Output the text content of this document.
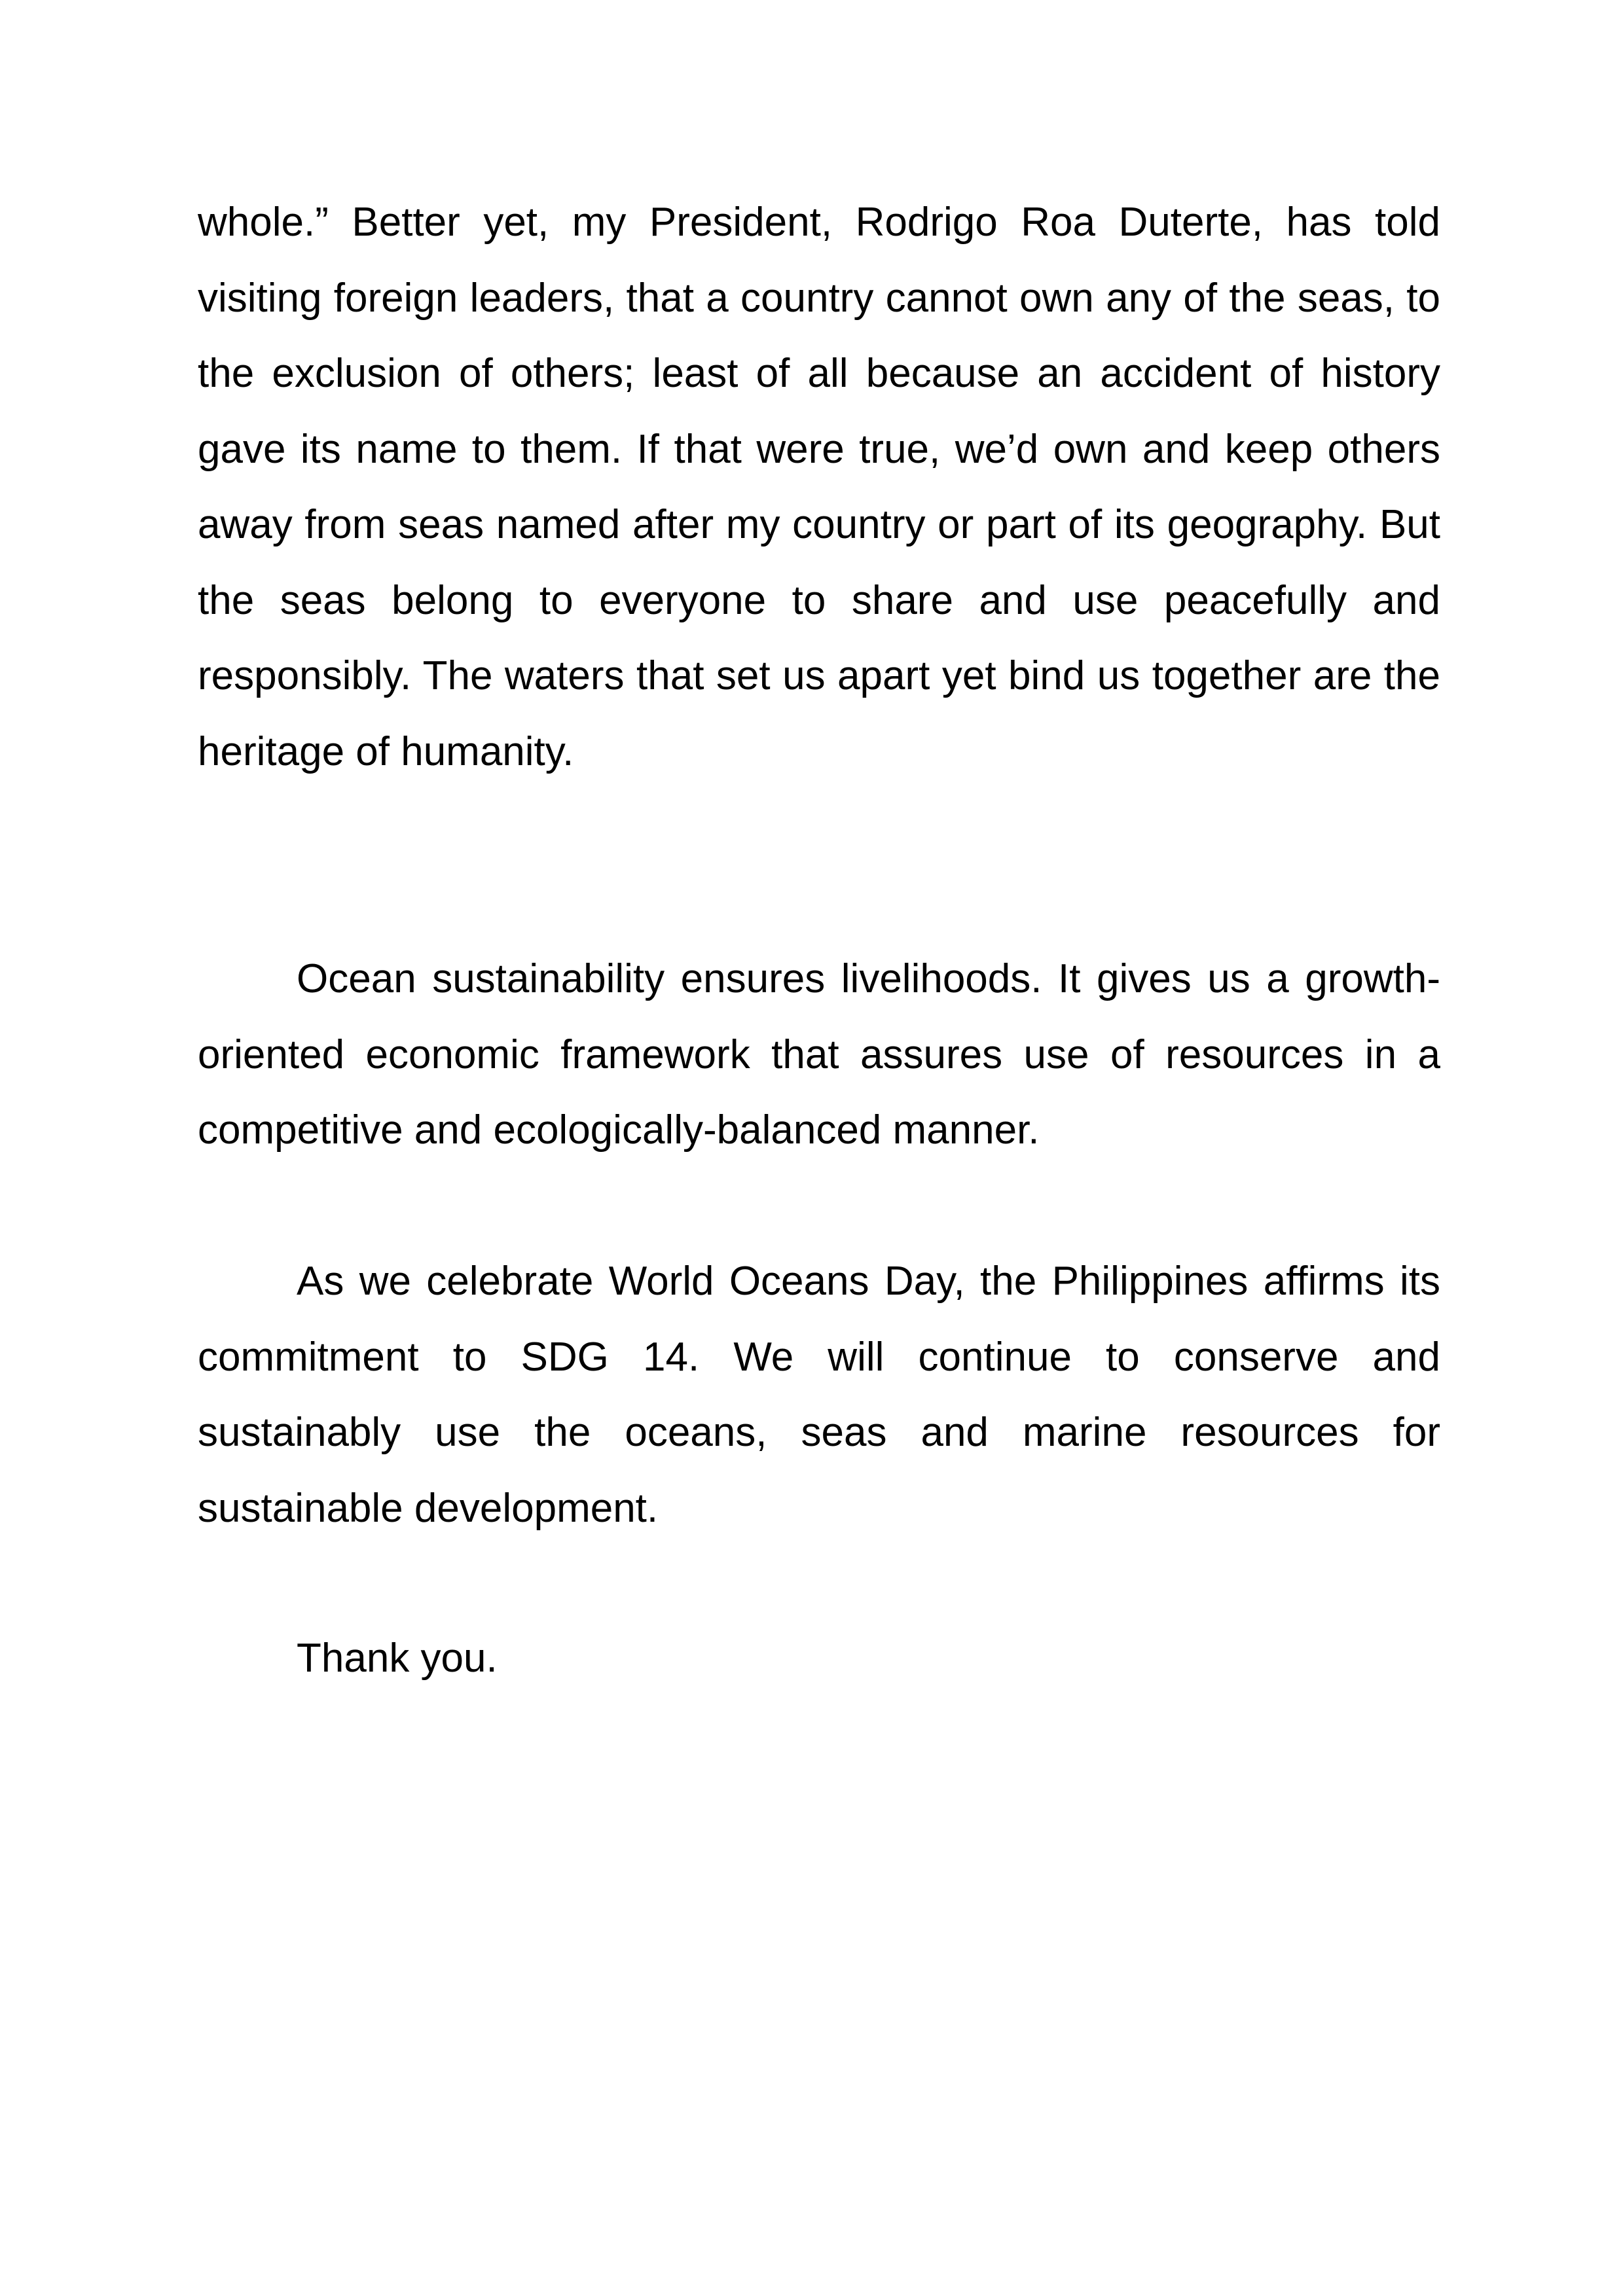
whole.” Better yet, my President, Rodrigo Roa Duterte, has told visiting foreign leaders, that a country cannot own any of the seas, to the exclusion of others; least of all because an accident of history gave its name to them. If that were true, we’d own and keep others away from seas named after my country or part of its geography. But the seas belong to everyone to share and use peacefully and responsibly. The waters that set us apart yet bind us together are the heritage of humanity.

Ocean sustainability ensures livelihoods. It gives us a growth-oriented economic framework that assures use of resources in a competitive and ecologically-balanced manner.

As we celebrate World Oceans Day, the Philippines affirms its commitment to SDG 14. We will continue to conserve and sustainably use the oceans, seas and marine resources for sustainable development.

Thank you.
